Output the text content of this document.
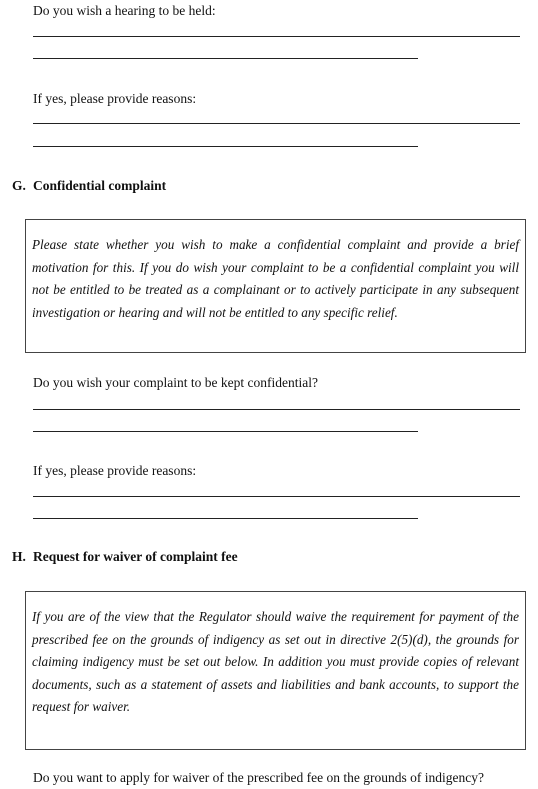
Do you wish a hearing to be held:
If yes, please provide reasons:
G. Confidential complaint

Please state whether you wish to make a confidential complaint and provide a brief motivation for this. If you do wish your complaint to be a confidential complaint you will not be entitled to be treated as a complainant or to actively participate in any subsequent investigation or hearing and will not be entitled to any specific relief.

Do you wish your complaint to be kept confidential?
If yes, please provide reasons:
H. Request for waiver of complaint fee

If you are of the view that the Regulator should waive the requirement for payment of the prescribed fee on the grounds of indigency as set out in directive 2(5)(d), the grounds for claiming indigency must be set out below. In addition you must provide copies of relevant documents, such as a statement of assets and liabilities and bank accounts, to support the request for waiver.

Do you want to apply for waiver of the prescribed fee on the grounds of indigency?
